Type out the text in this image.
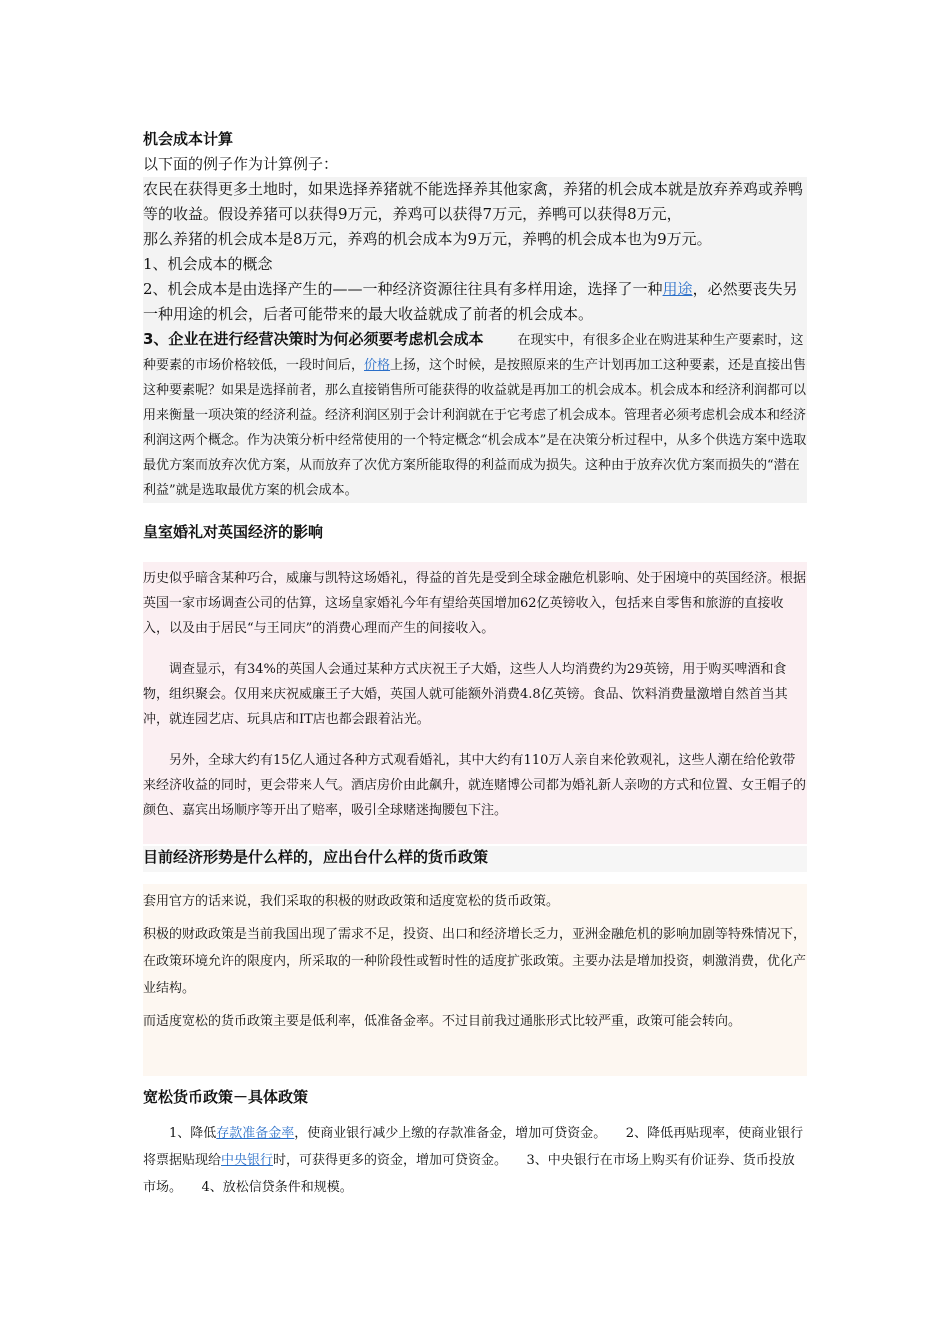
机会成本计算

以下面的例子作为计算例子：

农民在获得更多土地时，如果选择养猪就不能选择养其他家禽，养猪的机会成本就是放弃养鸡或养鸭等的收益。假设养猪可以获得9万元，养鸡可以获得7万元，养鸭可以获得8万元，

那么养猪的机会成本是8万元，养鸡的机会成本为9万元，养鸭的机会成本也为9万元。

1、机会成本的概念

2、机会成本是由选择产生的——一种经济资源往往具有多样用途，选择了一种用途，必然要丧失另一种用途的机会，后者可能带来的最大收益就成了前者的机会成本。

3、企业在进行经营决策时为何必须要考虑机会成本	在现实中，有很多企业在购进某种生产要素时，这种要素的市场价格较低，一段时间后，价格上扬，这个时候，是按照原来的生产计划再加工这种要素，还是直接出售这种要素呢？如果是选择前者，那么直接销售所可能获得的收益就是再加工的机会成本。机会成本和经济利润都可以用来衡量一项决策的经济利益。经济利润区别于会计利润就在于它考虑了机会成本。管理者必须考虑机会成本和经济利润这两个概念。作为决策分析中经常使用的一个特定概念“机会成本”是在决策分析过程中，从多个供选方案中选取最优方案而放弃次优方案，从而放弃了次优方案所能取得的利益而成为损失。这种由于放弃次优方案而损失的“潜在利益”就是选取最优方案的机会成本。

皇室婚礼对英国经济的影响

历史似乎暗含某种巧合，威廉与凯特这场婚礼，得益的首先是受到全球金融危机影响、处于困境中的英国经济。根据英国一家市场调查公司的估算，这场皇家婚礼今年有望给英国增加62亿英镑收入，包括来自零售和旅游的直接收入，以及由于居民“与王同庆”的消费心理而产生的间接收入。

　　调查显示，有34%的英国人会通过某种方式庆祝王子大婚，这些人人均消费约为29英镑，用于购买啤酒和食物，组织聚会。仅用来庆祝威廉王子大婚，英国人就可能额外消费4.8亿英镑。食品、饮料消费量激增自然首当其冲，就连园艺店、玩具店和IT店也都会跟着沾光。

　　另外，全球大约有15亿人通过各种方式观看婚礼，其中大约有110万人亲自来伦敦观礼，这些人潮在给伦敦带来经济收益的同时，更会带来人气。酒店房价由此飙升，就连赌博公司都为婚礼新人亲吻的方式和位置、女王帽子的颜色、嘉宾出场顺序等开出了赔率，吸引全球赌迷掏腰包下注。

目前经济形势是什么样的，应出台什么样的货币政策

套用官方的话来说，我们采取的积极的财政政策和适度宽松的货币政策。

积极的财政政策是当前我国出现了需求不足，投资、出口和经济增长乏力，亚洲金融危机的影响加剧等特殊情况下，在政策环境允许的限度内，所采取的一种阶段性或暂时性的适度扩张政策。主要办法是增加投资，刺激消费，优化产业结构。

而适度宽松的货币政策主要是低利率，低准备金率。不过目前我过通胀形式比较严重，政策可能会转向。

宽松货币政策－具体政策
　　1、降低存款准备金率，使商业银行减少上缴的存款准备金，增加可贷资金。　　2、降低再贴现率，使商业银行将票据贴现给中央银行时，可获得更多的资金，增加可贷资金。　　3、中央银行在市场上购买有价证券、货币投放市场。　　4、放松信贷条件和规模。
